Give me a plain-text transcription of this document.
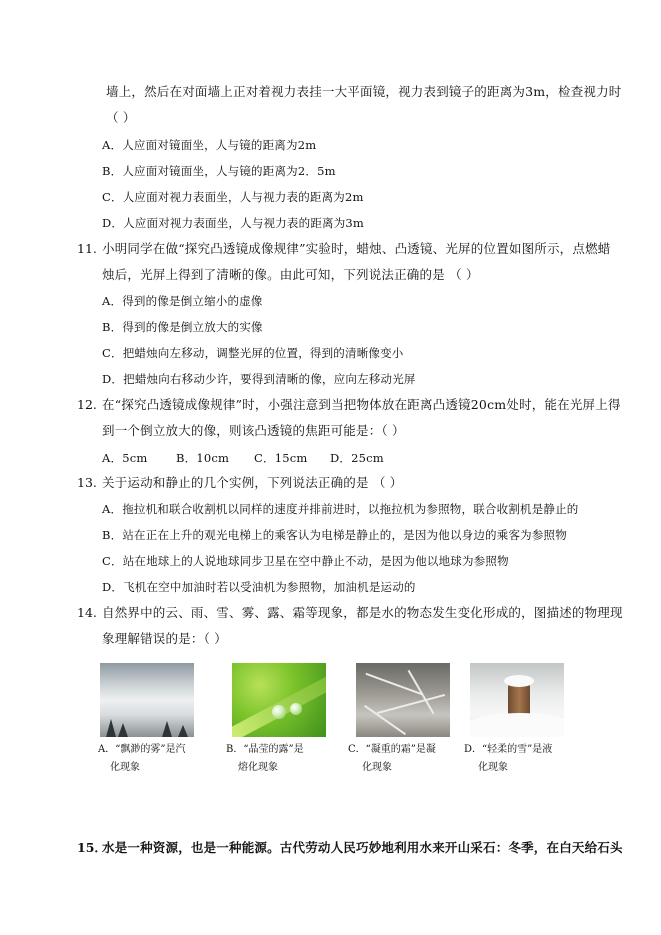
墙上，然后在对面墙上正对着视力表挂一大平面镜，视力表到镜子的距离为3m，检查视力时
（ ）
A．人应面对镜面坐，人与镜的距离为2m
B．人应面对镜面坐，人与镜的距离为2．5m
C．人应面对视力表面坐，人与视力表的距离为2m
D．人应面对视力表面坐，人与视力表的距离为3m
11. 小明同学在做“探究凸透镜成像规律”实验时，蜡烛、凸透镜、光屏的位置如图所示，点燃蜡
烛后，光屏上得到了清晰的像。由此可知，下列说法正确的是 （ ）
A．得到的像是倒立缩小的虚像
B．得到的像是倒立放大的实像
C．把蜡烛向左移动，调整光屏的位置，得到的清晰像变小
D．把蜡烛向右移动少许，要得到清晰的像，应向左移动光屏
12. 在“探究凸透镜成像规律”时，小强注意到当把物体放在距离凸透镜20cm处时，能在光屏上得
到一个倒立放大的像，则该凸透镜的焦距可能是：（ ）
A．5cm B．10cm C．15cm D．25cm
13. 关于运动和静止的几个实例，下列说法正确的是 （ ）
A．拖拉机和联合收割机以同样的速度并排前进时，以拖拉机为参照物，联合收割机是静止的
B．站在正在上升的观光电梯上的乘客认为电梯是静止的，是因为他以身边的乘客为参照物
C．站在地球上的人说地球同步卫星在空中静止不动，是因为他以地球为参照物
D．飞机在空中加油时若以受油机为参照物，加油机是运动的
14. 自然界中的云、雨、雪、雾、露、霜等现象，都是水的物态发生变化形成的，图描述的物理现
象理解错误的是：（ ）
A．“飘渺的雾”是汽
化现象
B．“晶莹的露”是
熔化现象
C．“凝重的霜”是凝
化现象
D．“轻柔的雪”是液
化现象
15．
水是一种资源，也是一种能源。古代劳动人民巧妙地利用水来开山采石：冬季，在白天给石头
